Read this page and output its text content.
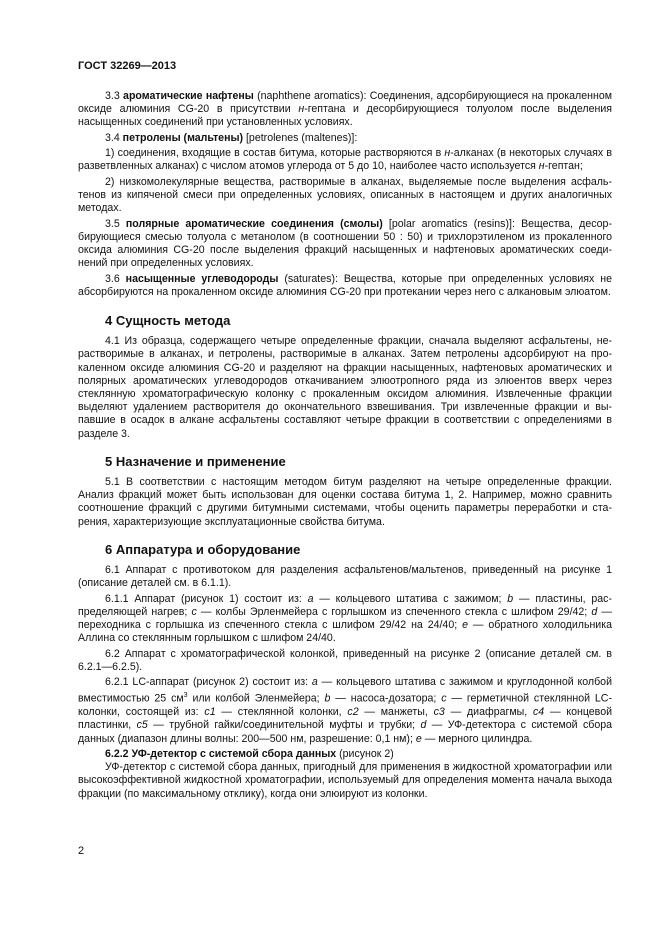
ГОСТ 32269—2013

3.3 ароматические нафтены (naphthene aromatics): Соединения, адсорбирующиеся на прокаленном оксиде алюминия CG-20 в присутствии н-гептана и десорбирующиеся толуолом после выделения насыщенных соединений при установленных условиях.

3.4 петролены (мальтены) [petrolenes (maltenes)]:

1) соединения, входящие в состав битума, которые растворяются в н-алканах (в некоторых случаях в разветвленных алканах) с числом атомов углерода от 5 до 10, наиболее часто используется н-гептан;

2) низкомолекулярные вещества, растворимые в алканах, выделяемые после выделения асфальтенов из кипяченой смеси при определенных условиях, описанных в настоящем и других аналогичных методах.

3.5 полярные ароматические соединения (смолы) [polar aromatics (resins)]: Вещества, десорбирующиеся смесью толуола с метанолом (в соотношении 50 : 50) и трихлорэтиленом из прокаленного оксида алюминия CG-20 после выделения фракций насыщенных и нафтеновых ароматических соединений при определенных условиях.

3.6 насыщенные углеводороды (saturates): Вещества, которые при определенных условиях не абсорбируются на прокаленном оксиде алюминия CG-20 при протекании через него с алкановым элюатом.

4 Сущность метода

4.1 Из образца, содержащего четыре определенные фракции, сначала выделяют асфальтены, нерастворимые в алканах, и петролены, растворимые в алканах. Затем петролены адсорбируют на прокаленном оксиде алюминия CG-20 и разделяют на фракции насыщенных, нафтеновых ароматических и полярных ароматических углеводородов откачиванием элюотропного ряда из элюентов вверх через стеклянную хроматографическую колонку с прокаленным оксидом алюминия. Извлеченные фракции выделяют удалением растворителя до окончательного взвешивания. Три извлеченные фракции и выпавшие в осадок в алкане асфальтены составляют четыре фракции в соответствии с определениями в разделе 3.

5 Назначение и применение

5.1 В соответствии с настоящим методом битум разделяют на четыре определенные фракции. Анализ фракций может быть использован для оценки состава битума 1, 2. Например, можно сравнить соотношение фракций с другими битумными системами, чтобы оценить параметры переработки и старения, характеризующие эксплуатационные свойства битума.

6 Аппаратура и оборудование

6.1 Аппарат с противотоком для разделения асфальтенов/мальтенов, приведенный на рисунке 1 (описание деталей см. в 6.1.1).

6.1.1 Аппарат (рисунок 1) состоит из: а — кольцевого штатива с зажимом; b — пластины, распределяющей нагрев; c — колбы Эрленмейера с горлышком из спеченного стекла с шлифом 29/42; d — переходника с горлышка из спеченного стекла с шлифом 29/42 на 24/40; e — обратного холодильника Аллина со стеклянным горлышком с шлифом 24/40.

6.2 Аппарат с хроматографической колонкой, приведенный на рисунке 2 (описание деталей см. в 6.2.1—6.2.5).

6.2.1 LC-аппарат (рисунок 2) состоит из: а — кольцевого штатива с зажимом и круглодонной колбой вместимостью 25 $см^3$ или колбой Эленмейера; b — насоса-дозатора; c — герметичной стеклянной LC-колонки, состоящей из: c1 — стеклянной колонки, c2 — манжеты, c3 — диафрагмы, c4 — концевой пластинки, c5 — трубной гайки/соединительной муфты и трубки; d — УФ-детектора с системой сбора данных (диапазон длины волны: 200—500 нм, разрешение: 0,1 нм); е — мерного цилиндра.

6.2.2 УФ-детектор с системой сбора данных (рисунок 2)

УФ-детектор с системой сбора данных, пригодный для применения в жидкостной хроматографии или высокоэффективной жидкостной хроматографии, используемый для определения момента начала выхода фракции (по максимальному отклику), когда они элюируют из колонки.

2
